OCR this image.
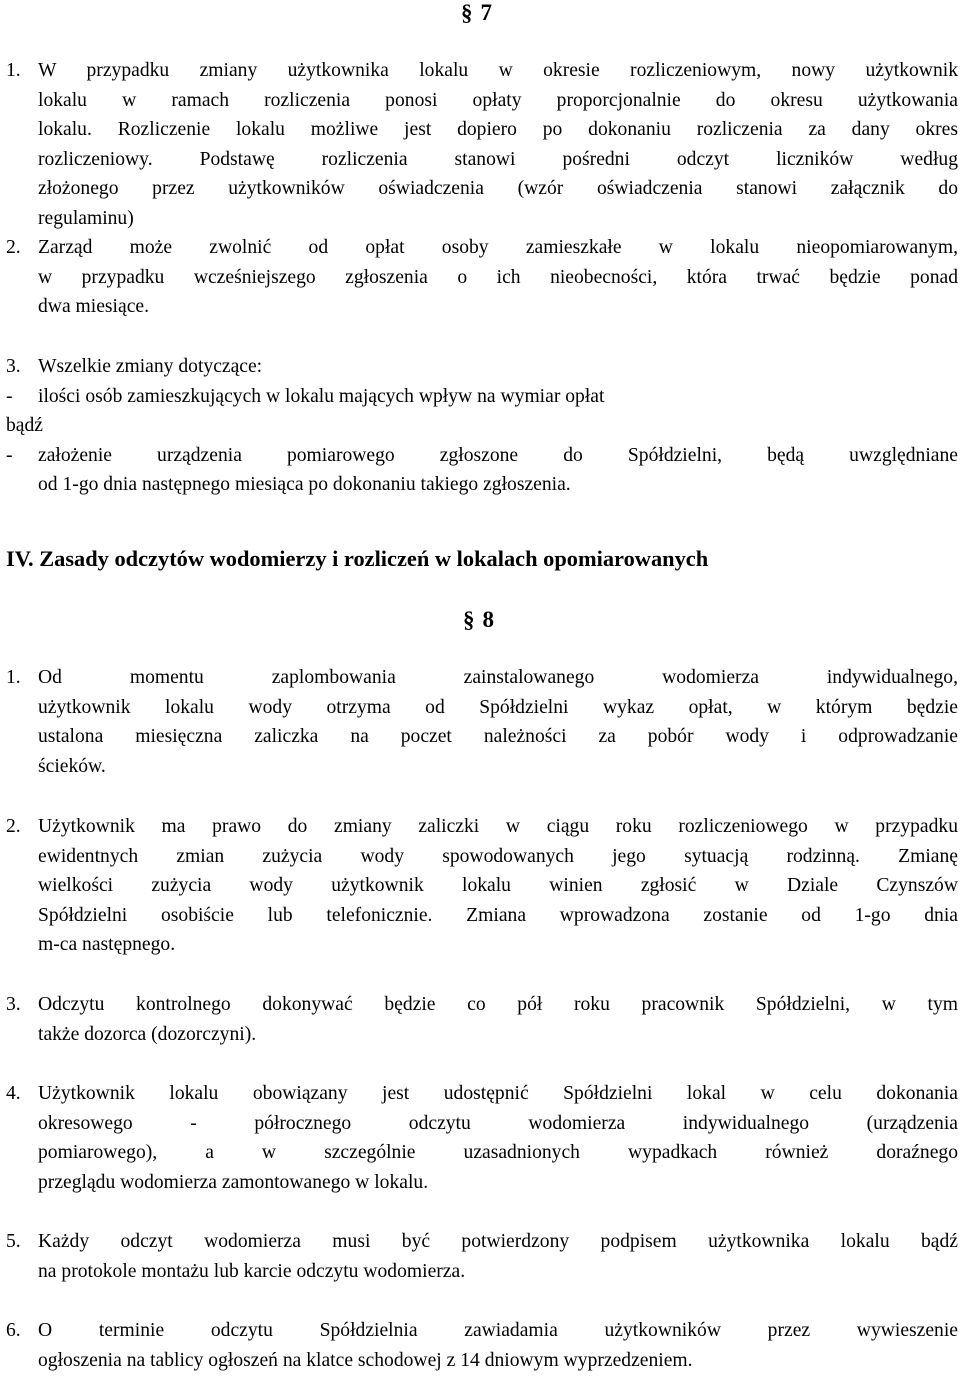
§ 7
1. W przypadku zmiany użytkownika lokalu w okresie rozliczeniowym, nowy użytkownik
lokalu w ramach rozliczenia ponosi opłaty proporcjonalnie do okresu użytkowania
lokalu. Rozliczenie lokalu możliwe jest dopiero po dokonaniu rozliczenia za dany okres
rozliczeniowy. Podstawę rozliczenia stanowi pośredni odczyt liczników według
złożonego przez użytkowników oświadczenia (wzór oświadczenia stanowi załącznik do
regulaminu)
2. Zarząd może zwolnić od opłat osoby zamieszkałe w lokalu nieopomiarowanym,
w przypadku wcześniejszego zgłoszenia o ich nieobecności, która trwać będzie ponad
dwa miesiące.
3. Wszelkie zmiany dotyczące:
-	ilości osób zamieszkujących w lokalu mających wpływ na wymiar opłat
bądź
-	założenie urządzenia pomiarowego zgłoszone do Spółdzielni, będą uwzględniane
od 1-go dnia następnego miesiąca po dokonaniu takiego zgłoszenia.
IV. Zasady odczytów wodomierzy i rozliczeń w lokalach opomiarowanych
§ 8
1. Od momentu zaplombowania zainstalowanego wodomierza indywidualnego,
użytkownik lokalu wody otrzyma od Spółdzielni wykaz opłat, w którym będzie
ustalona miesięczna zaliczka na poczet należności za pobór wody i odprowadzanie
ścieków.
2. Użytkownik ma prawo do zmiany zaliczki w ciągu roku rozliczeniowego w przypadku
ewidentnych zmian zużycia wody spowodowanych jego sytuacją rodzinną. Zmianę
wielkości zużycia wody użytkownik lokalu winien zgłosić w Dziale Czynszów
Spółdzielni osobiście lub telefonicznie. Zmiana wprowadzona zostanie od 1-go dnia
m-ca następnego.
3. Odczytu kontrolnego dokonywać będzie co pół roku pracownik Spółdzielni, w tym
także dozorca (dozorczyni).
4. Użytkownik lokalu obowiązany jest udostępnić Spółdzielni lokal w celu dokonania
okresowego - półrocznego odczytu wodomierza indywidualnego (urządzenia
pomiarowego), a w szczególnie uzasadnionych wypadkach również doraźnego
przeglądu wodomierza zamontowanego w lokalu.
5. Każdy odczyt wodomierza musi być potwierdzony podpisem użytkownika lokalu bądź
na protokole montażu lub karcie odczytu wodomierza.
6. O terminie odczytu Spółdzielnia zawiadamia użytkowników przez wywieszenie
ogłoszenia na tablicy ogłoszeń na klatce schodowej z 14 dniowym wyprzedzeniem.
